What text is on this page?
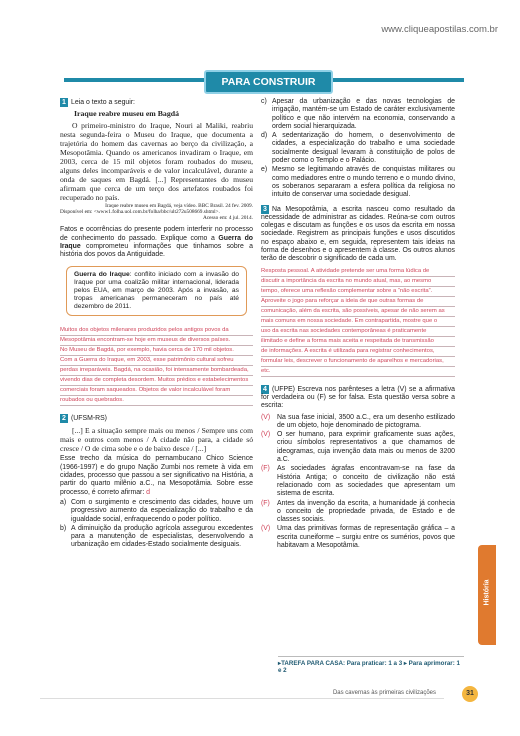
www.cliqueapostilas.com.br
PARA CONSTRUIR
1 Leia o texto a seguir:
Iraque reabre museu em Bagdá
O primeiro-ministro do Iraque, Nouri al Maliki, reabriu nesta segunda-feira o Museu do Iraque, que documenta a trajetória do homem das cavernas ao berço da civilização, a Mesopotâmia. Quando os americanos invadiram o Iraque, em 2003, cerca de 15 mil objetos foram roubados do museu, alguns deles incomparáveis e de valor incalculável, durante a onda de saques em Bagdá. [...] Representantes do museu afirmam que cerca de um terço dos artefatos roubados foi recuperado no país.
Iraque reabre museu em Bagdá, veja vídeo. BBC Brasil. 24 fev. 2009.
Disponível em: <www1.folha.uol.com.br/folha/bbc/ult272u508669.shtml>.
Acesso em: 4 jul. 2014.
Fatos e ocorrências do presente podem interferir no processo de conhecimento do passado. Explique como a Guerra do Iraque comprometeu informações que tinhamos sobre a história dos povos da Antiguidade.
Guerra do Iraque: conflito iniciado com a invasão do Iraque por uma coalizão militar internacional, liderada pelos EUA, em março de 2003. Após a invasão, as tropas americanas permaneceram no país até dezembro de 2011.
Muitos dos objetos milenares produzidos pelos antigos povos da
Mesopotâmia encontram-se hoje em museus de diversos países.
No Museu de Bagdá, por exemplo, havia cerca de 170 mil objetos.
Com a Guerra do Iraque, em 2003, esse patrimônio cultural sofreu
perdas irreparáveis. Bagdá, na ocasião, foi intensamente bombardeada,
vivendo dias de completa desordem. Muitos prédios e estabelecimentos
comerciais foram saqueados. Objetos de valor incalculável foram
roubados ou quebrados.
2 (UFSM-RS)
[...] E a situação sempre mais ou menos / Sempre uns com mais e outros com menos / A cidade não para, a cidade só cresce / O de cima sobe e o de baixo desce / [...]
Esse trecho da música do pernambucano Chico Science (1966-1997) e do grupo Nação Zumbi nos remete à vida em cidades, processo que passou a ser significativo na História, a partir do quarto milênio a.C., na Mesopotâmia. Sobre esse processo, é correto afirmar: d
a) Com o surgimento e crescimento das cidades, houve um progressivo aumento da especialização do trabalho e da igualdade social, enfraquecendo o poder político.
b) A diminuição da produção agrícola assegurou excedentes para a manutenção de especialistas, desenvolvendo a urbanização em cidades-Estado socialmente desiguais.
c) Apesar da urbanização e das novas tecnologias de irrigação, mantém-se um Estado de caráter exclusivamente político e que não intervém na economia, conservando a ordem social hierarquizada.
d) A sedentarização do homem, o desenvolvimento de cidades, a especialização do trabalho e uma sociedade socialmente desigual levaram à constituição de polos de poder como o Templo e o Palácio.
e) Mesmo se legitimando através de conquistas militares ou como mediadores entre o mundo terreno e o mundo divino, os soberanos separaram a esfera política da religiosa no intuito de conservar uma sociedade desigual.
3 Na Mesopotâmia, a escrita nasceu como resultado da necessidade de administrar as cidades. Reúna-se com outros colegas e discutam as funções e os usos da escrita em nossa sociedade. Registrem as principais funções e usos discutidos no espaço abaixo e, em seguida, representem tais ideias na forma de desenhos e o apresentem à classe. Os outros alunos terão de descobrir o significado de cada um.
Resposta pessoal. A atividade pretende ser uma forma lúdica de
discutir a importância da escrita no mundo atual, mas, ao mesmo
tempo, oferece uma reflexão complementar sobre a “não escrita”.
Aproveite o jogo para reforçar a ideia de que outras formas de
comunicação, além da escrita, são possíveis, apesar de não serem as
mais comuns em nossa sociedade. Em contrapartida, mostre que o
uso da escrita nas sociedades contemporâneas é praticamente
ilimitado e define a forma mais aceita e respeitada de transmissão
de informações. A escrita é utilizada para registrar conhecimentos,
formular leis, descrever o funcionamento de aparelhos e mercadorias,
etc.
4 (UFPE) Escreva nos parênteses a letra (V) se a afirmativa for verdadeira ou (F) se for falsa. Esta questão versa sobre a escrita:
(V) Na sua fase inicial, 3500 a.C., era um desenho estilizado de um objeto, hoje denominado de pictograma.
(V) O ser humano, para exprimir graficamente suas ações, criou símbolos representativos a que chamamos de ideogramas, cuja invenção data mais ou menos de 3200 a.C.
(F)	As sociedades ágrafas encontravam-se na fase da História Antiga; o conceito de civilização não está relacionado com as sociedades que apresentam um sistema de escrita.
(F)	Antes da invenção da escrita, a humanidade já conhecia o conceito de propriedade privada, de Estado e de classes sociais.
(V) Uma das primitivas formas de representação gráfica – a escrita cuneiforme – surgiu entre os sumérios, povos que habitavam a Mesopotâmia.
▸TAREFA PARA CASA: Para praticar: 1 a 3 ▸ Para aprimorar: 1 e 2
História
Das cavernas às primeiras civilizações	31
